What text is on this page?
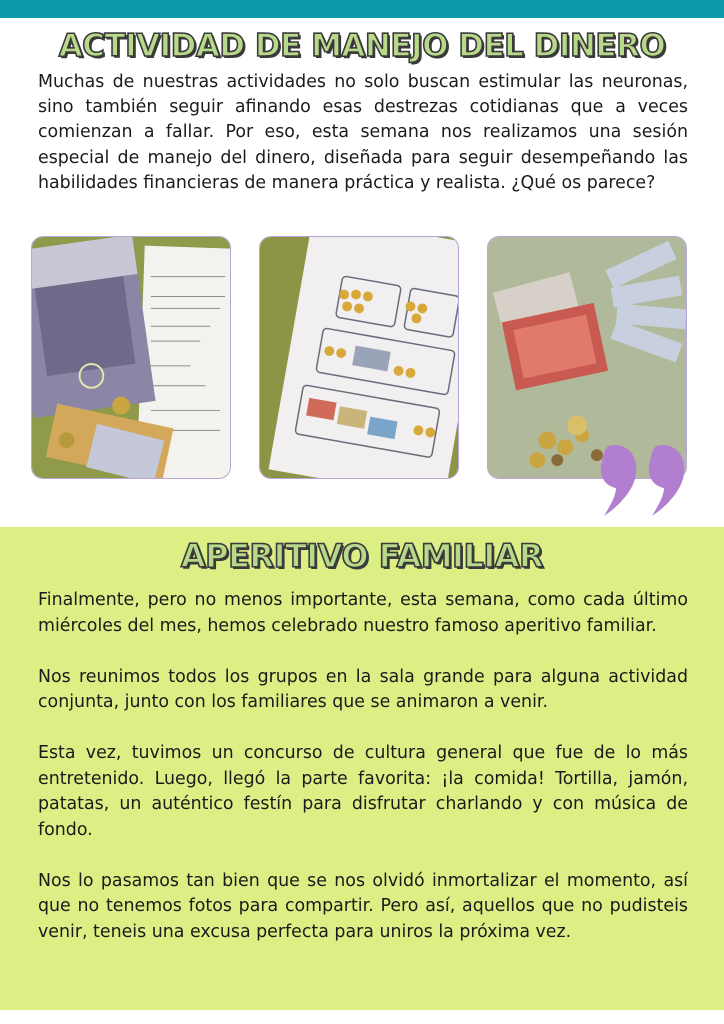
ACTIVIDAD DE MANEJO DEL DINERO

Muchas de nuestras actividades no solo buscan estimular las neuronas, sino también seguir afinando esas destrezas cotidianas que a veces comienzan a fallar. Por eso, esta semana nos realizamos una sesión especial de manejo del dinero, diseñada para seguir desempeñando las habilidades financieras de manera práctica y realista. ¿Qué os parece?

APERITIVO FAMILIAR

Finalmente, pero no menos importante, esta semana, como cada último miércoles del mes, hemos celebrado nuestro famoso aperitivo familiar.

Nos reunimos todos los grupos en la sala grande para alguna actividad conjunta, junto con los familiares que se animaron a venir.

Esta vez, tuvimos un concurso de cultura general que fue de lo más entretenido. Luego, llegó la parte favorita: ¡la comida! Tortilla, jamón, patatas, un auténtico festín para disfrutar charlando y con música de fondo.

Nos lo pasamos tan bien que se nos olvidó inmortalizar el momento, así que no tenemos fotos para compartir. Pero así, aquellos que no pudisteis venir, teneis una excusa perfecta para uniros la próxima vez.
